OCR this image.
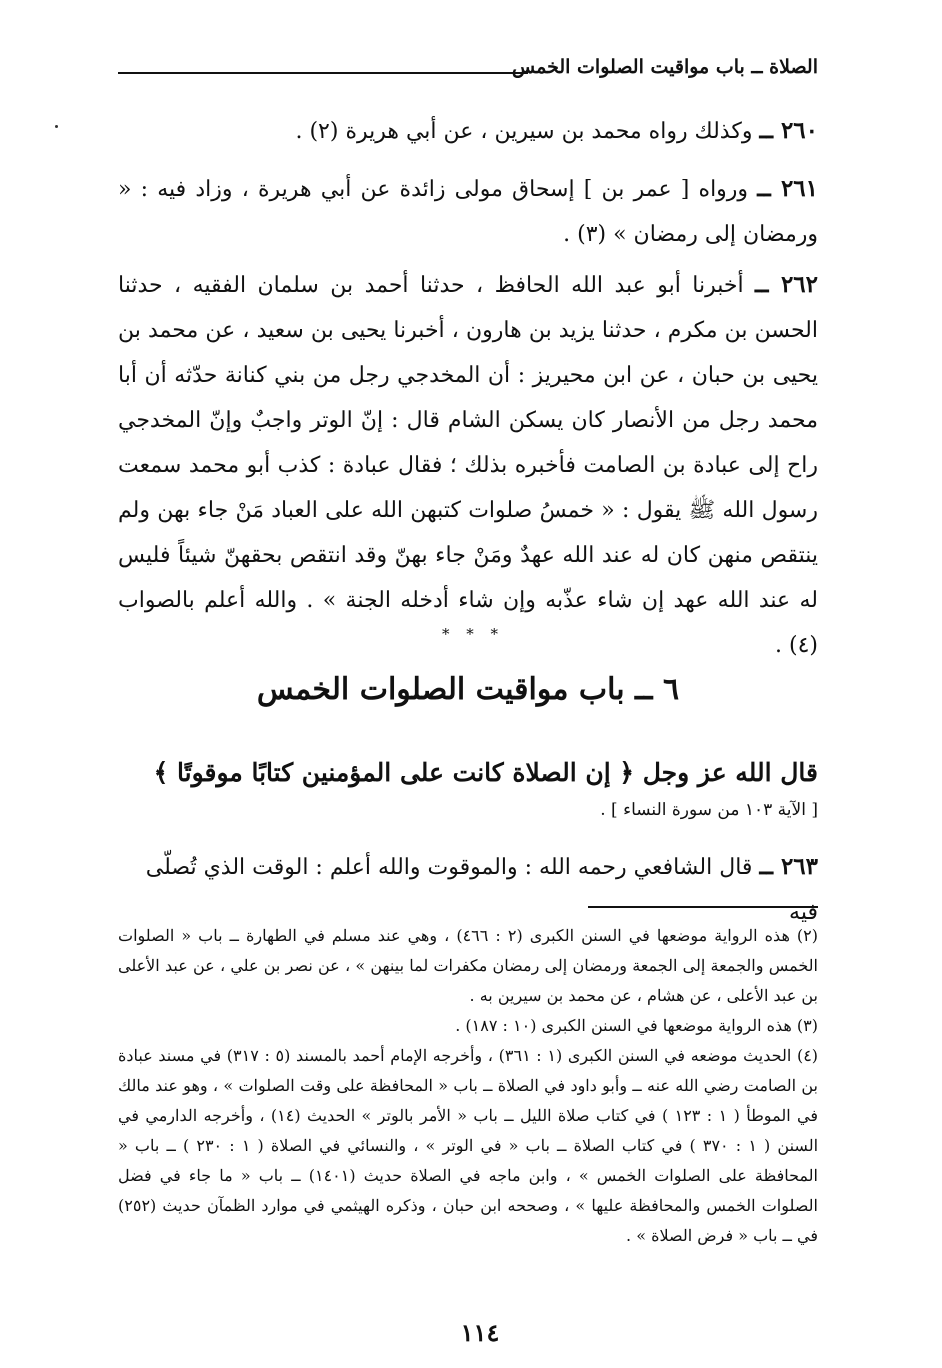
الصلاة ــ باب مواقيت الصلوات الخمس

٢٦٠ ــ وكذلك رواه محمد بن سيرين ، عن أبي هريرة (٢) .

٢٦١ ــ ورواه [ عمر بن ] إسحاق مولى زائدة عن أبي هريرة ، وزاد فيه : « ورمضان إلى رمضان » (٣) .

٢٦٢ ــ أخبرنا أبو عبد الله الحافظ ، حدثنا أحمد بن سلمان الفقيه ، حدثنا الحسن بن مكرم ، حدثنا يزيد بن هارون ، أخبرنا يحيى بن سعيد ، عن محمد بن يحيى بن حبان ، عن ابن محيريز : أن المخدجي رجل من بني كنانة حدّثه أن أبا محمد رجل من الأنصار كان يسكن الشام قال : إنّ الوتر واجبٌ وإنّ المخدجي راح إلى عبادة بن الصامت فأخبره بذلك ؛ فقال عبادة : كذب أبو محمد سمعت رسول الله ﷺ يقول : « خمسُ صلوات كتبهن الله على العباد مَنْ جاء بهن ولم ينتقص منهن كان له عند الله عهدٌ ومَنْ جاء بهنّ وقد انتقص بحقهنّ شيئاً فليس له عند الله عهد إن شاء عذّبه وإن شاء أدخله الجنة » . والله أعلم بالصواب (٤) .

* * *
٦ ــ باب مواقيت الصلوات الخمس
قال الله عز وجل ﴿ إن الصلاة كانت على المؤمنين كتابًا موقوتًا ﴾
[ الآية ١٠٣ من سورة النساء ] .
٢٦٣ ــ قال الشافعي رحمه الله : والموقوت والله أعلم : الوقت الذي تُصلّى فيه

(٢) هذه الرواية موضعها في السنن الكبرى (٢ : ٤٦٦) ، وهي عند مسلم في الطهارة ــ باب « الصلوات الخمس والجمعة إلى الجمعة ورمضان إلى رمضان مكفرات لما بينهن » ، عن نصر بن علي ، عن عبد الأعلى بن عبد الأعلى ، عن هشام ، عن محمد بن سيرين به .

(٣) هذه الرواية موضعها في السنن الكبرى (١٠ : ١٨٧) .

(٤) الحديث موضعه في السنن الكبرى (١ : ٣٦١) ، وأخرجه الإمام أحمد بالمسند (٥ : ٣١٧) في مسند عبادة بن الصامت رضي الله عنه ــ وأبو داود في الصلاة ــ باب « المحافظة على وقت الصلوات » ، وهو عند مالك في الموطأ ( ١ : ١٢٣ ) في كتاب صلاة الليل ــ باب « الأمر بالوتر » الحديث (١٤) ، وأخرجه الدارمي في السنن ( ١ : ٣٧٠ ) في كتاب الصلاة ــ باب « في الوتر » ، والنسائي في الصلاة ( ١ : ٢٣٠ ) ــ باب « المحافظة على الصلوات الخمس » ، وابن ماجه في الصلاة حديث (١٤٠١) ــ باب « ما جاء في فضل الصلوات الخمس والمحافظة عليها » ، وصححه ابن حبان ، وذكره الهيثمي في موارد الظمآن حديث (٢٥٢) في ــ باب « فرض الصلاة » .

١١٤
